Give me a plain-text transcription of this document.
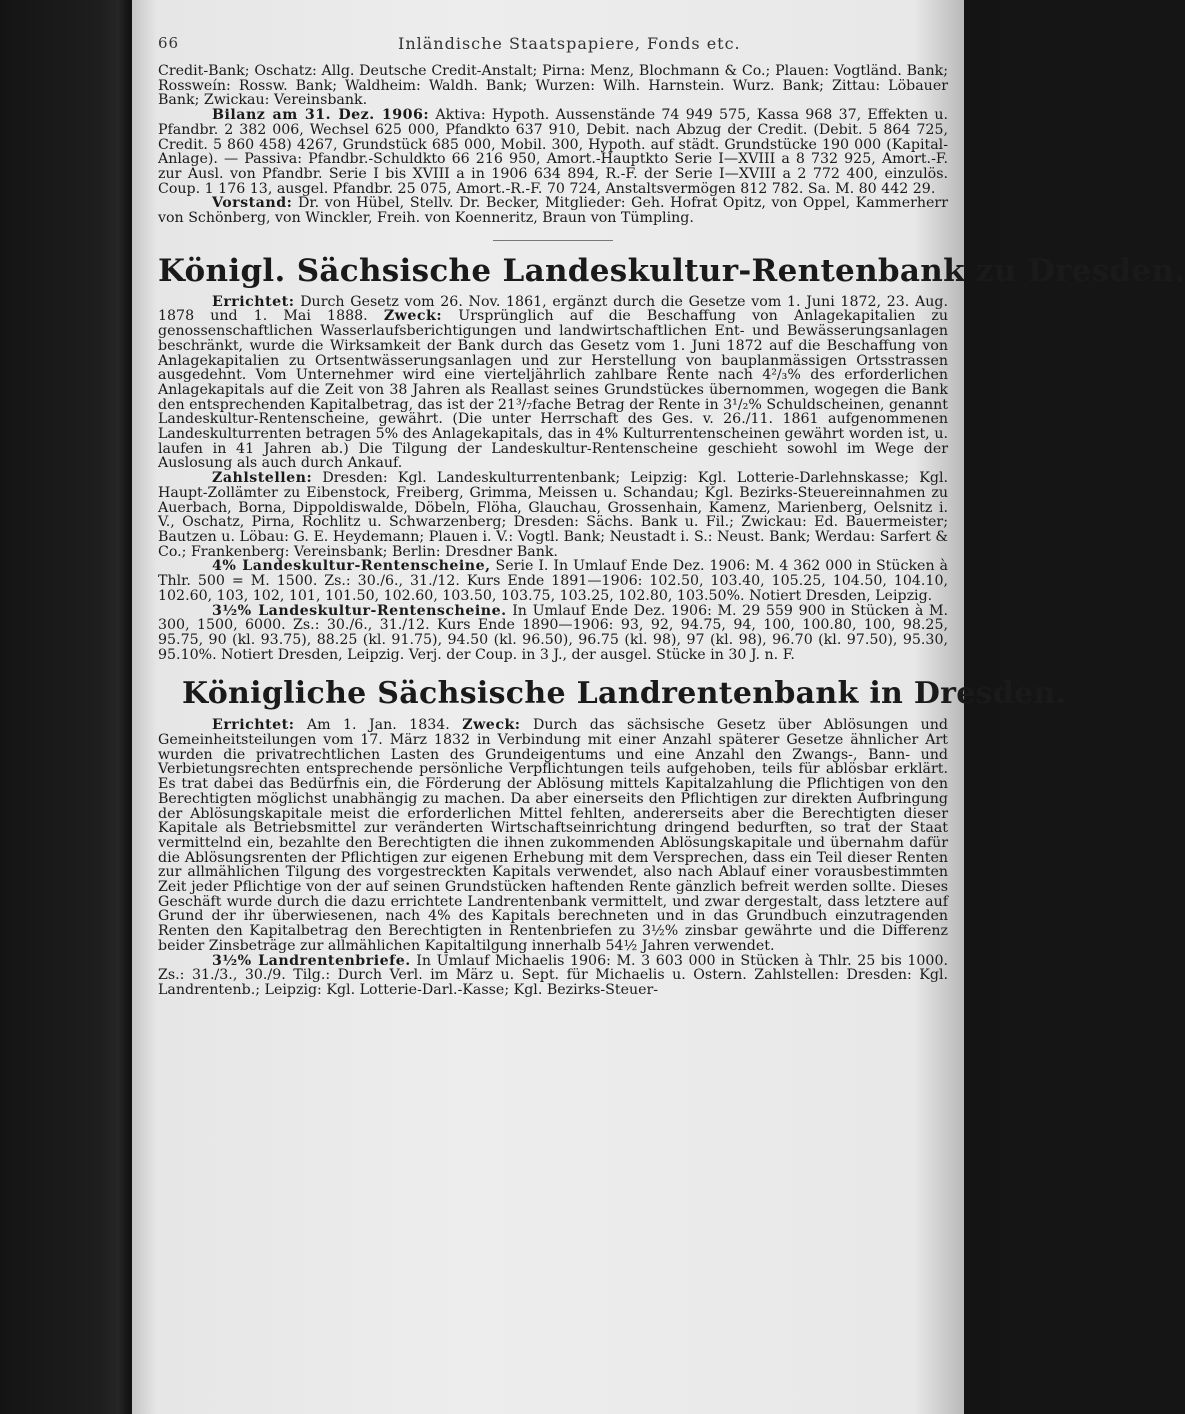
66	Inländische Staatspapiere, Fonds etc.

Credit-Bank; Oschatz: Allg. Deutsche Credit-Anstalt; Pirna: Menz, Blochmann & Co.; Plauen: Vogtländ. Bank; Rossweín: Rossw. Bank; Waldheim: Waldh. Bank; Wurzen: Wilh. Harnstein. Wurz. Bank; Zittau: Löbauer Bank; Zwickau: Vereinsbank.

Bilanz am 31. Dez. 1906: Aktiva: Hypoth. Aussenstände 74 949 575, Kassa 968 37, Effekten u. Pfandbr. 2 382 006, Wechsel 625 000, Pfandkto 637 910, Debit. nach Abzug der Credit. (Debit. 5 864 725, Credit. 5 860 458) 4267, Grundstück 685 000, Mobil. 300, Hypoth. auf städt. Grundstücke 190 000 (Kapital-Anlage). — Passiva: Pfandbr.-Schuldkto 66 216 950, Amort.-Hauptkto Serie I—XVIII a 8 732 925, Amort.-F. zur Ausl. von Pfandbr. Serie I bis XVIII a in 1906 634 894, R.-F. der Serie I—XVIII a 2 772 400, einzulös. Coup. 1 176 13, ausgel. Pfandbr. 25 075, Amort.-R.-F. 70 724, Anstaltsvermögen 812 782. Sa. M. 80 442 29.

Vorstand: Dr. von Hübel, Stellv. Dr. Becker, Mitglieder: Geh. Hofrat Opitz, von Oppel, Kammerherr von Schönberg, von Winckler, Freih. von Koenneritz, Braun von Tümpling.

Königl. Sächsische Landeskultur-Rentenbank zu Dresden.

Errichtet: Durch Gesetz vom 26. Nov. 1861, ergänzt durch die Gesetze vom 1. Juni 1872, 23. Aug. 1878 und 1. Mai 1888. Zweck: Ursprünglich auf die Beschaffung von Anlagekapitalien zu genossenschaftlichen Wasserlaufsberichtigungen und landwirtschaftlichen Ent- und Bewässerungsanlagen beschränkt, wurde die Wirksamkeit der Bank durch das Gesetz vom 1. Juni 1872 auf die Beschaffung von Anlagekapitalien zu Ortsentwässerungsanlagen und zur Herstellung von bauplanmässigen Ortsstrassen ausgedehnt. Vom Unternehmer wird eine vierteljährlich zahlbare Rente nach 4²/₃% des erforderlichen Anlagekapitals auf die Zeit von 38 Jahren als Reallast seines Grundstückes übernommen, wogegen die Bank den entsprechenden Kapitalbetrag, das ist der 21³/₇fache Betrag der Rente in 3¹/₂% Schuldscheinen, genannt Landeskultur-Rentenscheine, gewährt. (Die unter Herrschaft des Ges. v. 26./11. 1861 aufgenommenen Landeskulturrenten betragen 5% des Anlagekapitals, das in 4% Kulturrentenscheinen gewährt worden ist, u. laufen in 41 Jahren ab.) Die Tilgung der Landeskultur-Rentenscheine geschieht sowohl im Wege der Auslosung als auch durch Ankauf.

Zahlstellen: Dresden: Kgl. Landeskulturrentenbank; Leipzig: Kgl. Lotterie-Darlehnskasse; Kgl. Haupt-Zollämter zu Eibenstock, Freiberg, Grimma, Meissen u. Schandau; Kgl. Bezirks-Steuereinnahmen zu Auerbach, Borna, Dippoldiswalde, Döbeln, Flöha, Glauchau, Grossenhain, Kamenz, Marienberg, Oelsnitz i. V., Oschatz, Pirna, Rochlitz u. Schwarzenberg; Dresden: Sächs. Bank u. Fil.; Zwickau: Ed. Bauermeister; Bautzen u. Löbau: G. E. Heydemann; Plauen i. V.: Vogtl. Bank; Neustadt i. S.: Neust. Bank; Werdau: Sarfert & Co.; Frankenberg: Vereinsbank; Berlin: Dresdner Bank.

4% Landeskultur-Rentenscheine, Serie I. In Umlauf Ende Dez. 1906: M. 4 362 000 in Stücken à Thlr. 500 = M. 1500. Zs.: 30./6., 31./12. Kurs Ende 1891—1906: 102.50, 103.40, 105.25, 104.50, 104.10, 102.60, 103, 102, 101, 101.50, 102.60, 103.50, 103.75, 103.25, 102.80, 103.50%. Notiert Dresden, Leipzig.

3½% Landeskultur-Rentenscheine. In Umlauf Ende Dez. 1906: M. 29 559 900 in Stücken à M. 300, 1500, 6000. Zs.: 30./6., 31./12. Kurs Ende 1890—1906: 93, 92, 94.75, 94, 100, 100.80, 100, 98.25, 95.75, 90 (kl. 93.75), 88.25 (kl. 91.75), 94.50 (kl. 96.50), 96.75 (kl. 98), 97 (kl. 98), 96.70 (kl. 97.50), 95.30, 95.10%. Notiert Dresden, Leipzig. Verj. der Coup. in 3 J., der ausgel. Stücke in 30 J. n. F.

Königliche Sächsische Landrentenbank in Dresden.

Errichtet: Am 1. Jan. 1834. Zweck: Durch das sächsische Gesetz über Ablösungen und Gemeinheitsteilungen vom 17. März 1832 in Verbindung mit einer Anzahl späterer Gesetze ähnlicher Art wurden die privatrechtlichen Lasten des Grundeigentums und eine Anzahl den Zwangs-, Bann- und Verbietungsrechten entsprechende persönliche Verpflichtungen teils aufgehoben, teils für ablösbar erklärt. Es trat dabei das Bedürfnis ein, die Förderung der Ablösung mittels Kapitalzahlung die Pflichtigen von den Berechtigten möglichst unabhängig zu machen. Da aber einerseits den Pflichtigen zur direkten Aufbringung der Ablösungskapitale meist die erforderlichen Mittel fehlten, andererseits aber die Berechtigten dieser Kapitale als Betriebsmittel zur veränderten Wirtschaftseinrichtung dringend bedurften, so trat der Staat vermittelnd ein, bezahlte den Berechtigten die ihnen zukommenden Ablösungskapitale und übernahm dafür die Ablösungsrenten der Pflichtigen zur eigenen Erhebung mit dem Versprechen, dass ein Teil dieser Renten zur allmählichen Tilgung des vorgestreckten Kapitals verwendet, also nach Ablauf einer vorausbestimmten Zeit jeder Pflichtige von der auf seinen Grundstücken haftenden Rente gänzlich befreit werden sollte. Dieses Geschäft wurde durch die dazu errichtete Landrentenbank vermittelt, und zwar dergestalt, dass letztere auf Grund der ihr überwiesenen, nach 4% des Kapitals berechneten und in das Grundbuch einzutragenden Renten den Kapitalbetrag den Berechtigten in Rentenbriefen zu 3½% zinsbar gewährte und die Differenz beider Zinsbeträge zur allmählichen Kapitaltilgung innerhalb 54½ Jahren verwendet.

3½% Landrentenbriefe. In Umlauf Michaelis 1906: M. 3 603 000 in Stücken à Thlr. 25 bis 1000. Zs.: 31./3., 30./9. Tilg.: Durch Verl. im März u. Sept. für Michaelis u. Ostern. Zahlstellen: Dresden: Kgl. Landrentenb.; Leipzig: Kgl. Lotterie-Darl.-Kasse; Kgl. Bezirks-Steuer-
